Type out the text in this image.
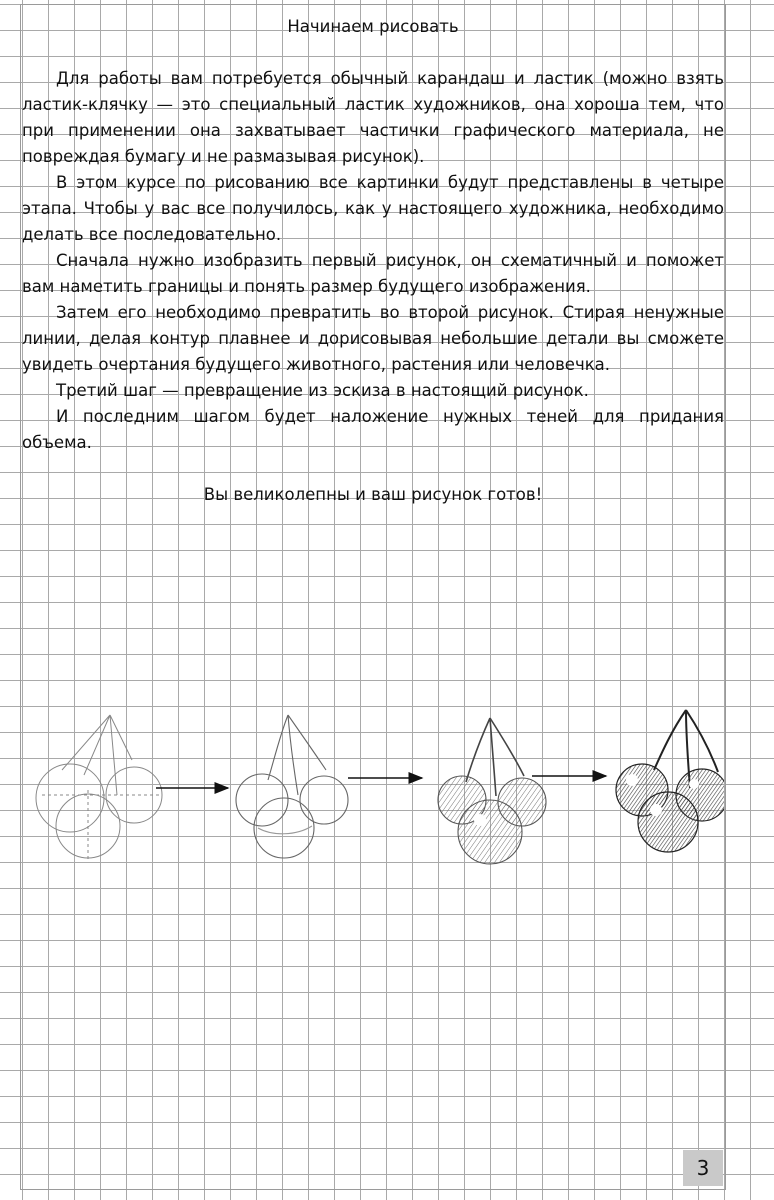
Начинаем рисовать

Для работы вам потребуется обычный карандаш и ластик (можно взять ластик-клячку — это специальный ластик художников, она хороша тем, что при применении она захватывает частички графического материала, не повреждая бумагу и не размазывая рисунок).

В этом курсе по рисованию все картинки будут представлены в четыре этапа. Чтобы у вас все получилось, как у настоящего художника, необходимо делать все последовательно.

Сначала нужно изобразить первый рисунок, он схематичный и поможет вам наметить границы и понять размер будущего изображения.

Затем его необходимо превратить во второй рисунок. Стирая ненужные линии, делая контур плавнее и дорисовывая небольшие детали вы сможете увидеть очертания будущего животного, растения или человечка.

Третий шаг — превращение из эскиза в настоящий рисунок.

И последним шагом будет наложение нужных теней для придания объема.

Вы великолепны и ваш рисунок готов!

3
